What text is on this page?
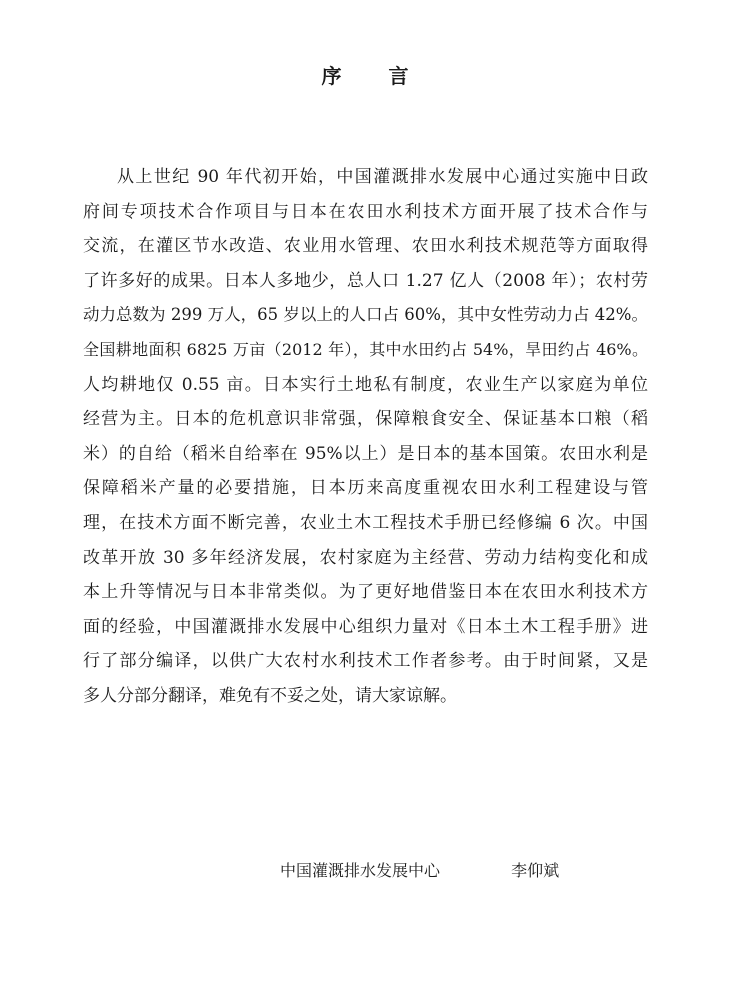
序 言
从上世纪 90 年代初开始，中国灌溉排水发展中心通过实施中日政
府间专项技术合作项目与日本在农田水利技术方面开展了技术合作与
交流，在灌区节水改造、农业用水管理、农田水利技术规范等方面取得
了许多好的成果。日本人多地少，总人口 1.27 亿人（2008 年）；农村劳
动力总数为 299 万人，65 岁以上的人口占 60%，其中女性劳动力占 42%。
全国耕地面积 6825 万亩（2012 年），其中水田约占 54%，旱田约占 46%。
人均耕地仅 0.55 亩。日本实行土地私有制度，农业生产以家庭为单位
经营为主。日本的危机意识非常强，保障粮食安全、保证基本口粮（稻
米）的自给（稻米自给率在 95%以上）是日本的基本国策。农田水利是
保障稻米产量的必要措施，日本历来高度重视农田水利工程建设与管
理，在技术方面不断完善，农业土木工程技术手册已经修编 6 次。中国
改革开放 30 多年经济发展，农村家庭为主经营、劳动力结构变化和成
本上升等情况与日本非常类似。为了更好地借鉴日本在农田水利技术方
面的经验，中国灌溉排水发展中心组织力量对《日本土木工程手册》进
行了部分编译，以供广大农村水利技术工作者参考。由于时间紧，又是
多人分部分翻译，难免有不妥之处，请大家谅解。
中国灌溉排水发展中心	李仰斌
